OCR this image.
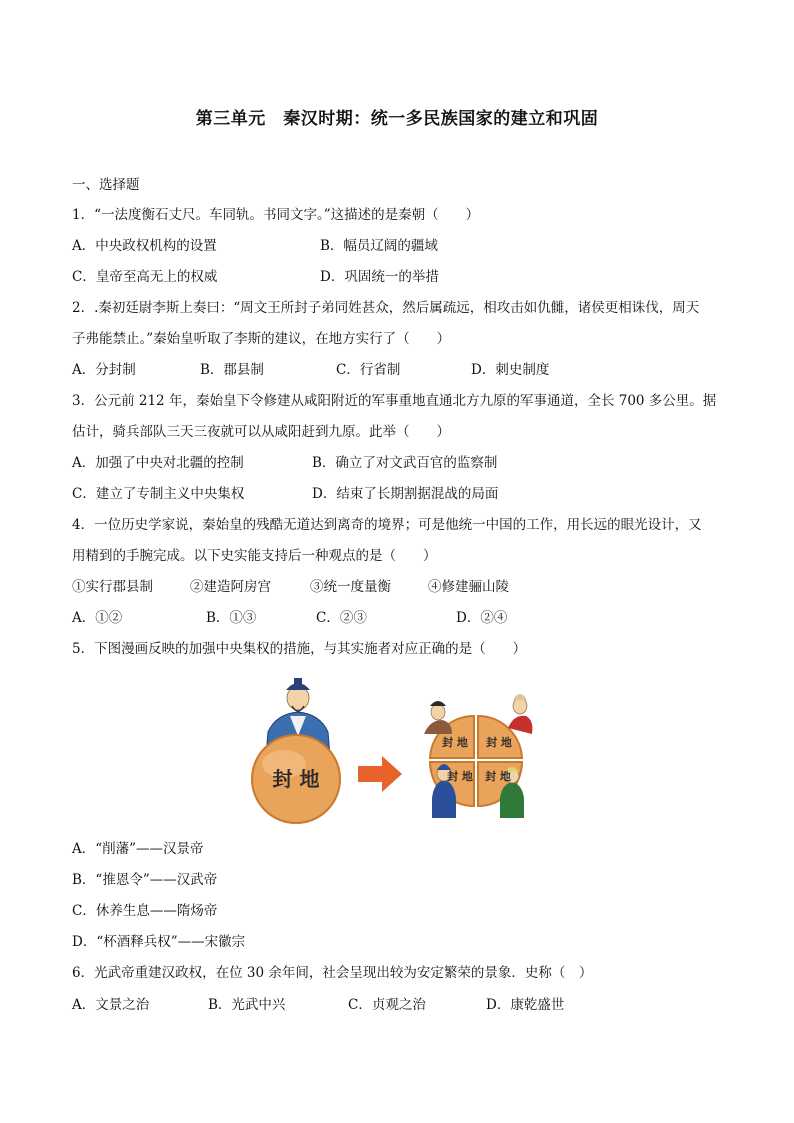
第三单元　秦汉时期：统一多民族国家的建立和巩固
一、选择题
1．“一法度衡石丈尺。车同轨。书同文字。”这描述的是秦朝（　　）
A．中央政权机构的设置	B．幅员辽阔的疆域
C．皇帝至高无上的权威	D．巩固统一的举措
2．.秦初廷尉李斯上奏曰：“周文王所封子弟同姓甚众，然后属疏远，相攻击如仇雠，诸侯更相诛伐，周天
子弗能禁止。”秦始皇听取了李斯的建议，在地方实行了（　　）
A．分封制	B．郡县制	C．行省制	D．刺史制度
3．公元前 212 年，秦始皇下令修建从咸阳附近的军事重地直通北方九原的军事通道，全长 700 多公里。据
估计，骑兵部队三天三夜就可以从咸阳赶到九原。此举（　　）
A．加强了中央对北疆的控制	B．确立了对文武百官的监察制
C．建立了专制主义中央集权	D．结束了长期割据混战的局面
4．一位历史学家说，秦始皇的残酷无道达到离奇的境界；可是他统一中国的工作，用长远的眼光设计，又
用精到的手腕完成。以下史实能支持后一种观点的是（　　）
①实行郡县制	②建造阿房宫	③统一度量衡	④修建骊山陵
A．①②	B．①③	C．②③	D．②④
5．下图漫画反映的加强中央集权的措施，与其实施者对应正确的是（　　）
封 地
封 地 封 地
封 地 封 地
A．“削藩”——汉景帝
B．“推恩令”——汉武帝
C．休养生息——隋炀帝
D．“杯酒释兵权”——宋徽宗
6．光武帝重建汉政权，在位 30 余年间，社会呈现出较为安定繁荣的景象．史称（　）
A．文景之治	B．光武中兴	C．贞观之治	D．康乾盛世
